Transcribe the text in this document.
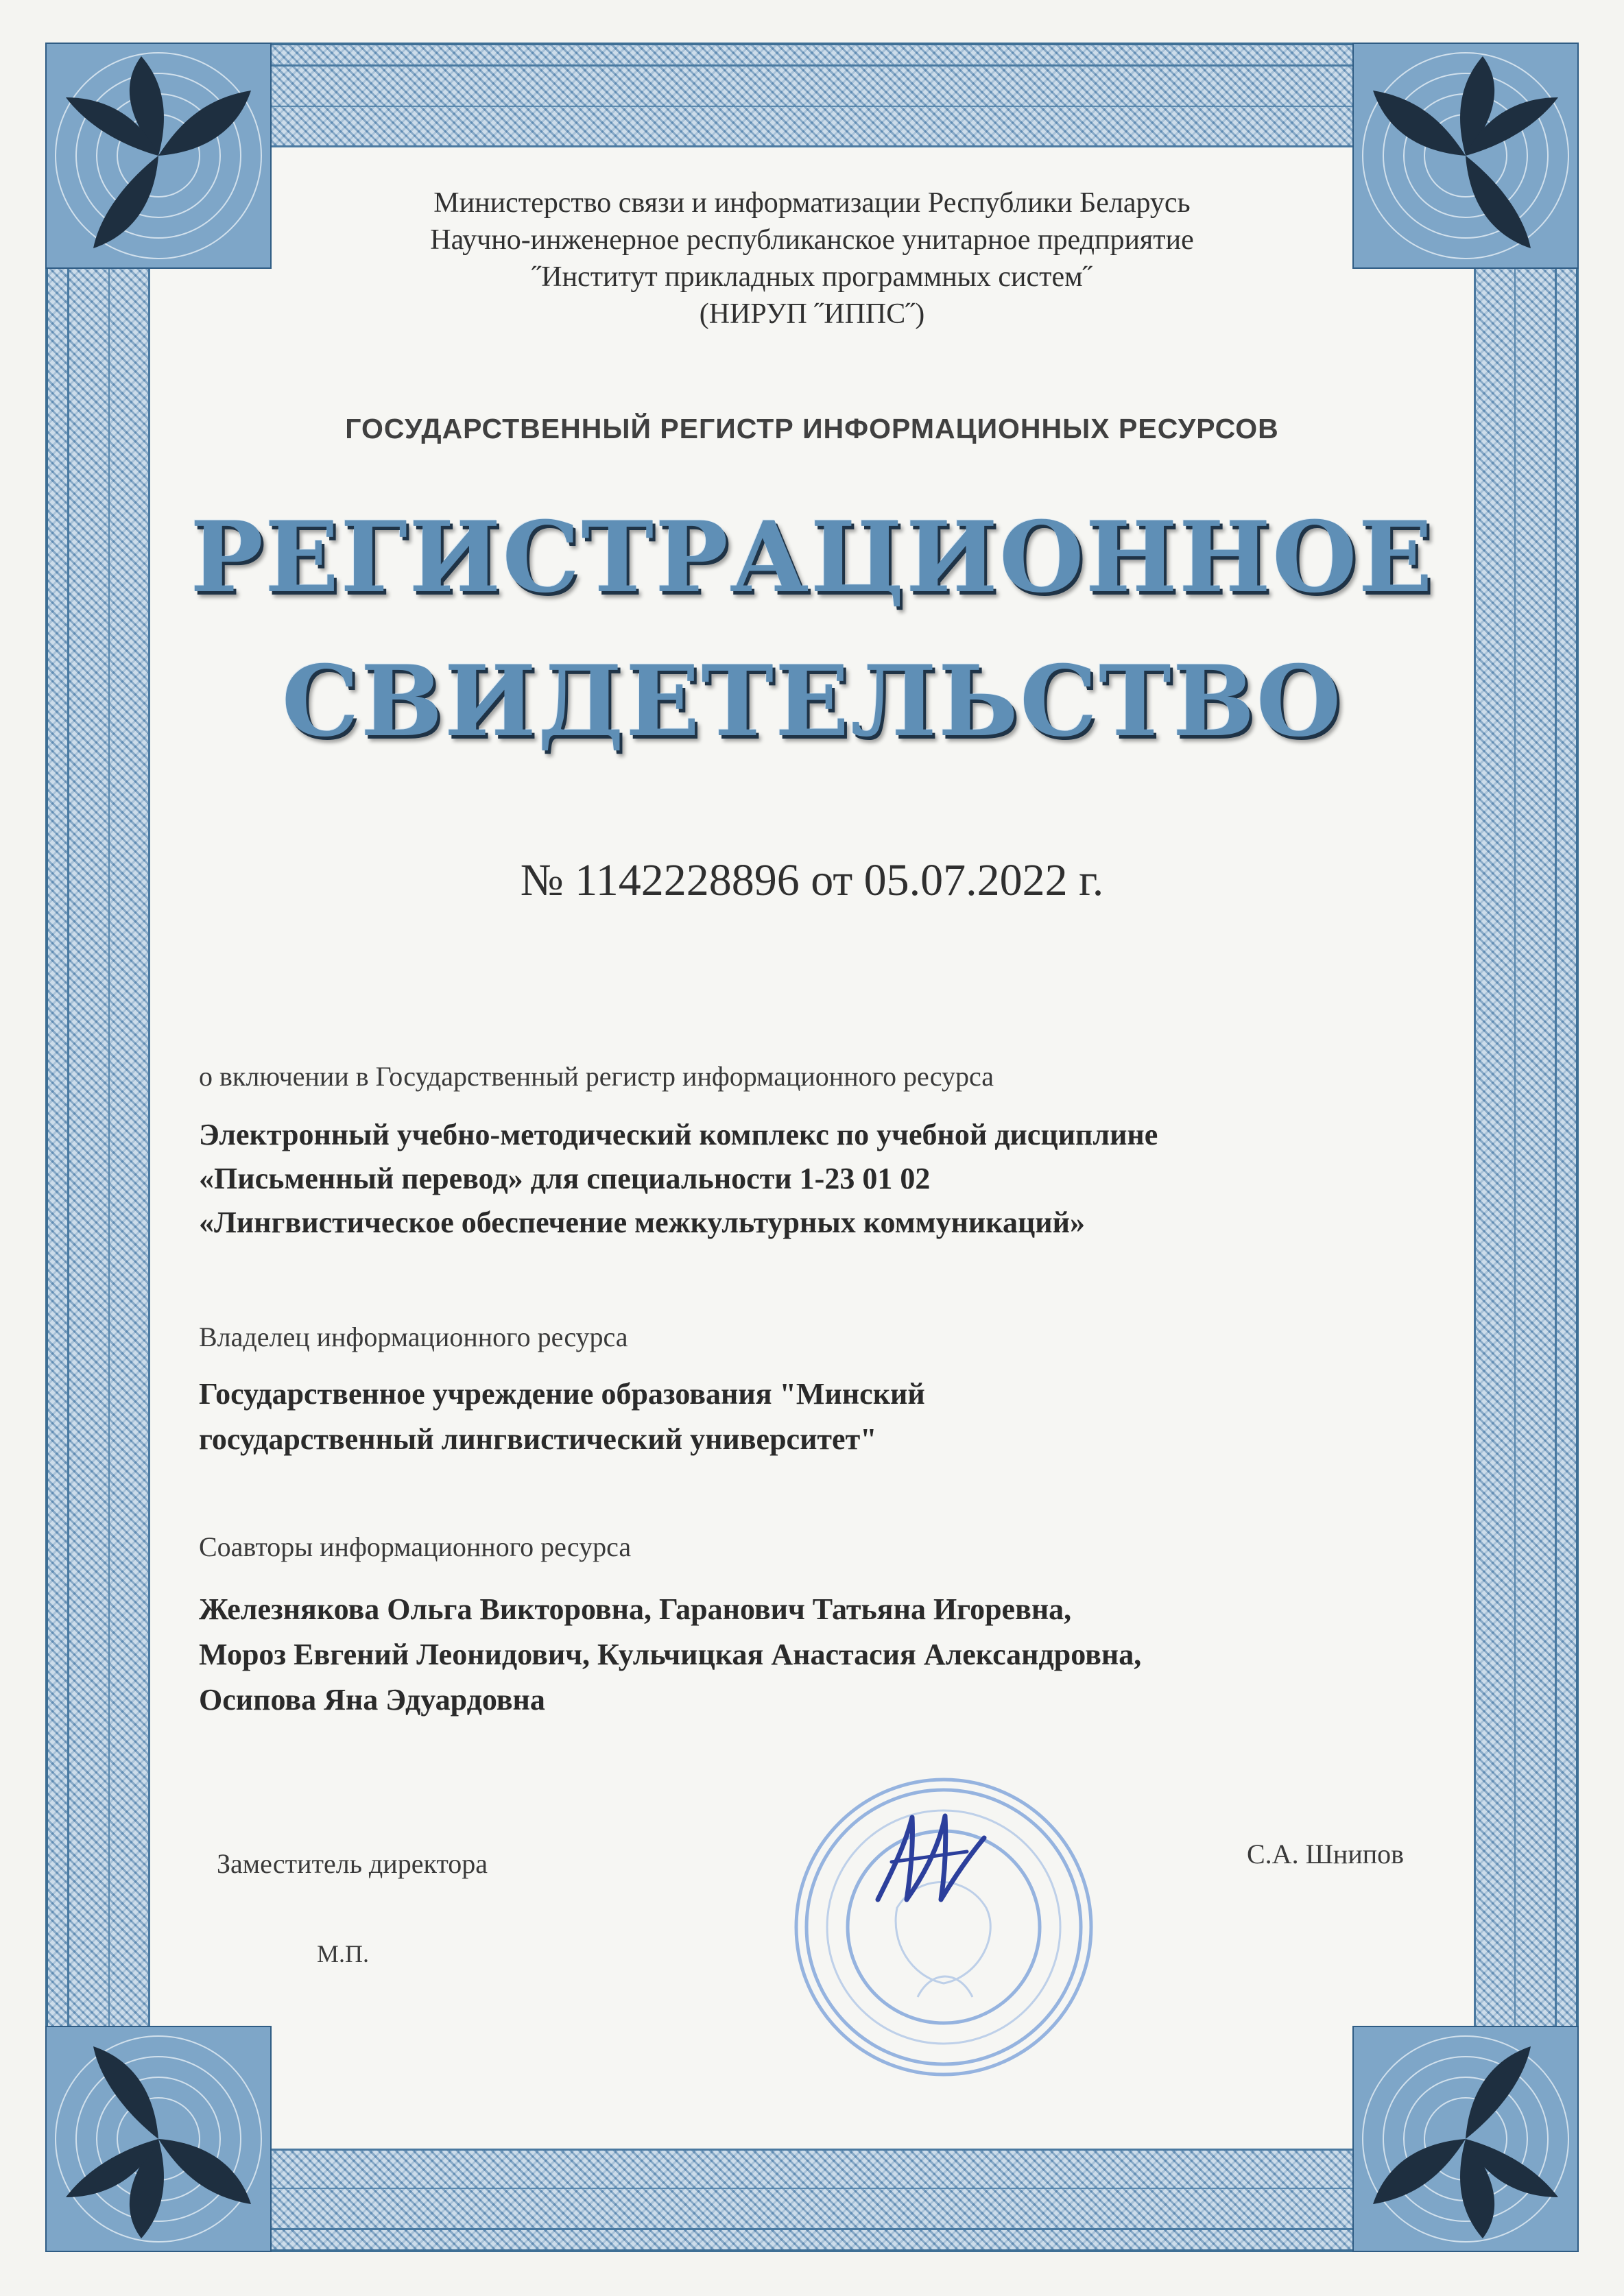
Министерство связи и информатизации Республики Беларусь
Научно-инженерное республиканское унитарное предприятие
˝Институт прикладных программных систем˝
(НИРУП ˝ИППС˝)
ГОСУДАРСТВЕННЫЙ РЕГИСТР ИНФОРМАЦИОННЫХ РЕСУРСОВ
РЕГИСТРАЦИОННОЕ
СВИДЕТЕЛЬСТВО
№ 1142228896 от 05.07.2022 г.
о включении в Государственный регистр информационного ресурса
Электронный учебно-методический комплекс по учебной дисциплине
«Письменный перевод» для специальности 1-23 01 02
«Лингвистическое обеспечение межкультурных коммуникаций»
Владелец информационного ресурса
Государственное учреждение образования "Минский
государственный лингвистический университет"
Соавторы информационного ресурса
Железнякова Ольга Викторовна, Гаранович Татьяна Игоревна,
Мороз Евгений Леонидович, Кульчицкая Анастасия Александровна,
Осипова Яна Эдуардовна
Заместитель директора	С.А. Шнипов
М.П.
